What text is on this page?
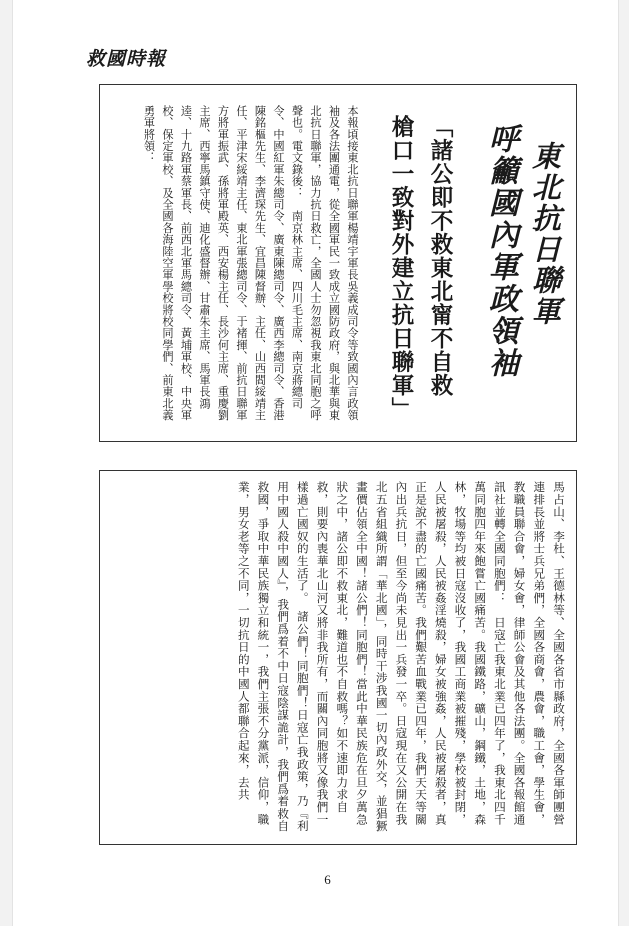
救國時報
東北抗日聯軍
呼籲國內軍政領袖
「諸公即不救東北甯不自救
槍口一致對外建立抗日聯軍」
本報頃接東北抗日聯軍楊靖宇軍長吳義成司令等致國內言政領袖及各法團通電，從全國軍民一致成立國防政府，與北華與東北抗日聯軍，協力抗日救亡，全國人士勿忽視我東北同胞之呼聲也。電文錄後：　南京林主席、四川毛主席、南京蔣總司令、中國紅軍朱總司令、廣東陳總司令、廣西李總司令、香港陳銘樞先生、李濟琛先生、宜昌陳督辦、主任、山西閻綏靖主任、平津宋綏靖主任、東北軍張總司令、于褚揮、前抗日聯軍方將軍振武、孫將軍殿英、西安楊主任、長沙何主席、重慶劉主席、西寧馬鎮守使、迪化盛督辦、甘肅朱主席、馬軍長鴻逵、十九路軍蔡軍長、前西北軍馬總司令、黃埔軍校、中央軍校、保定軍校、及全國各海陸空軍學校將校同學們、前東北義勇軍將領：
馬占山、李杜、王德林等、全國各省市縣政府，全國各軍師團營連排長並將士兵兄弟們，全國各商會，農會，職工會，學生會，教職員聯合會，婦女會，律師公會及其他各法團。全國各報館通訊社並轉全國同胞們：　日寇亡我東北業已四年了，我東北四千萬同胞四年來飽嘗亡國痛苦。我國鐵路，礦山，鋼鐵，土地，森林，牧場等均被日寇沒收了，我國工商業被摧殘，學校被封閉，人民被屠殺，人民被姦淫燒殺，婦女被強姦，人民被屠殺者，真正是說不盡的亡國痛苦。我們艱苦血戰業已四年，我們天天等關內出兵抗日，但至今尚未見出一兵發一卒。日寇現在又公開在我北五省組織所謂「華北國」，同時干涉我國一切內政外交，並猖獗畫價佔領全中國！諸公們！同胞們！當此中華民族危在旦夕萬急狀之中，諸公即不救東北，難道也不自救嗎？如不速即力求自救，則要內喪華北山河又將非我所有，而關內同胞將又像我們一樣過亡國奴的生活了。　諸公們！同胞們！日寇亡我政策，乃『利用中國人殺中國人』，我們爲着不中日寇陰謀詭計，我們爲着救自救國，爭取中華民族獨立和統一，我們主張不分黨派，信仰，職業，男女老等之不同，一切抗日的中國人都聯合起來，去共
6
